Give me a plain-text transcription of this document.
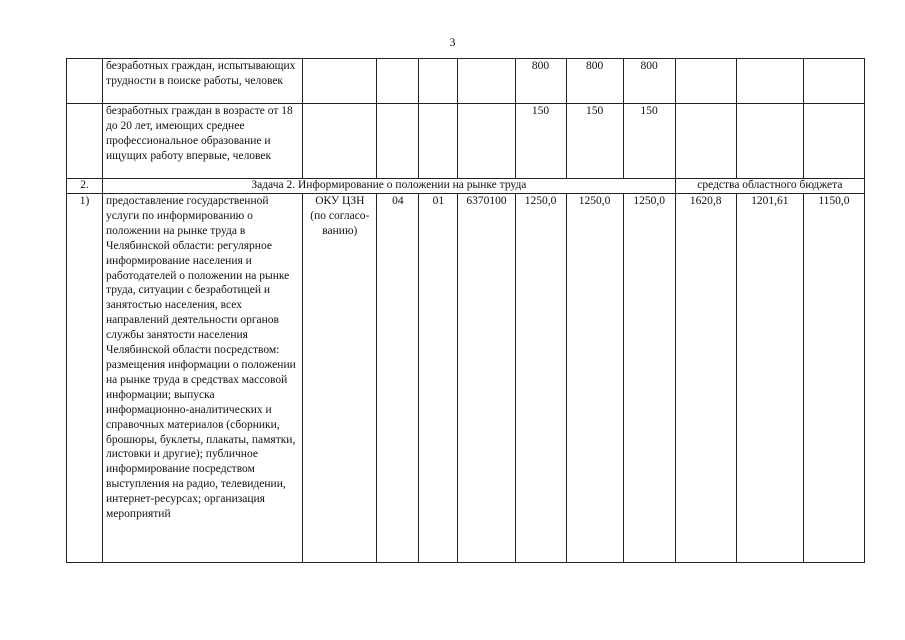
3
	безработных граждан, испытывающих трудности в поиске работы, человек					800	800	800			
	безработных граждан в возрасте от 18 до 20 лет, имеющих среднее профессиональное образование и ищущих работу впервые, человек					150	150	150			
2.	Задача 2. Информирование о положении на рынке труда								средства областного бюджета		
1)	предоставление государственной услуги по информированию о положении на рынке труда в Челябинской области: регулярное информирование населения и работодателей о положении на рынке труда, ситуации с безработицей и занятостью населения, всех направлений деятельности органов службы занятости населения Челябинской области посредством: размещения информации о положении на рынке труда в средствах массовой информации; выпуска информационно-аналитических и справочных материалов (сборники, брошюры, буклеты, плакаты, памятки, листовки и другие); публичное информирование посредством выступления на радио, телевидении, интернет-ресурсах; организация мероприятий	ОКУ ЦЗН (по согласо-ванию)	04	01	6370100	1250,0	1250,0	1250,0	1620,8	1201,61	1150,0
